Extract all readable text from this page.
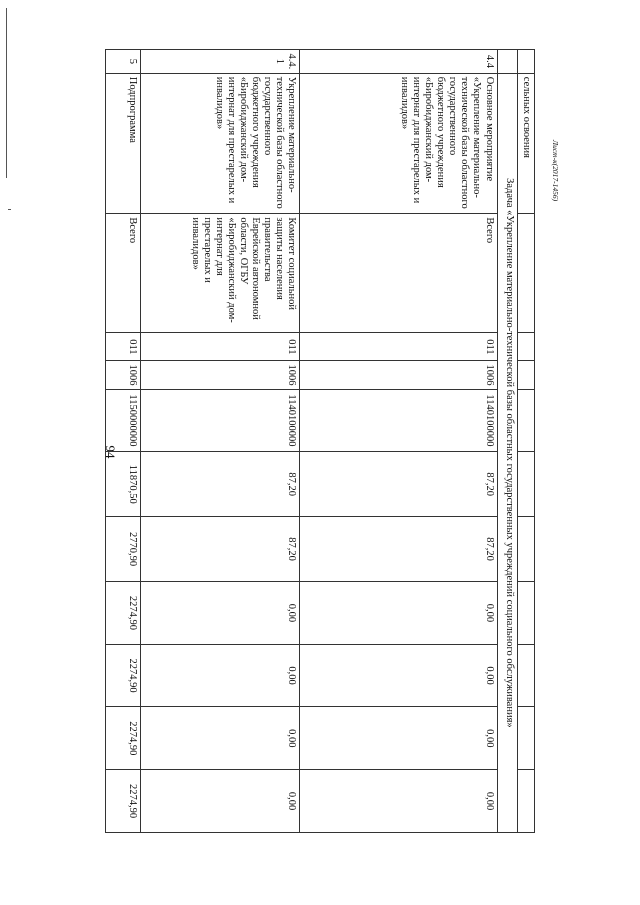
94
Лист-к(2017-1456)
	сельных освоения										
	Задача «Укрепление материально-технической базы областных государственных учреждений социального обслуживания»										
4.4	Основное мероприятие «Укрепление материально-технической базы областного государственного бюджетного учреждения «Биробиджанский дом-интернат для престарелых и инвалидов»	Всего	011	1006	1140100000	87,20	87,20	0,00	0,00	0,00	0,00
4.4.1	Укрепление материально-технической базы областного государственного бюджетного учреждения «Биробиджанский дом-интернат для престарелых и инвалидов»	Комитет социальной защиты населения правительства Еврейской автономной области, ОГБУ «Биробиджанский дом-интернат для престарелых и инвалидов»	011	1006	1140100000	87,20	87,20	0,00	0,00	0,00	0,00
5	Подпрограмма	Всего	011	1006	1150000000	11870,50	2770,90	2274,90	2274,90	2274,90	2274,90
